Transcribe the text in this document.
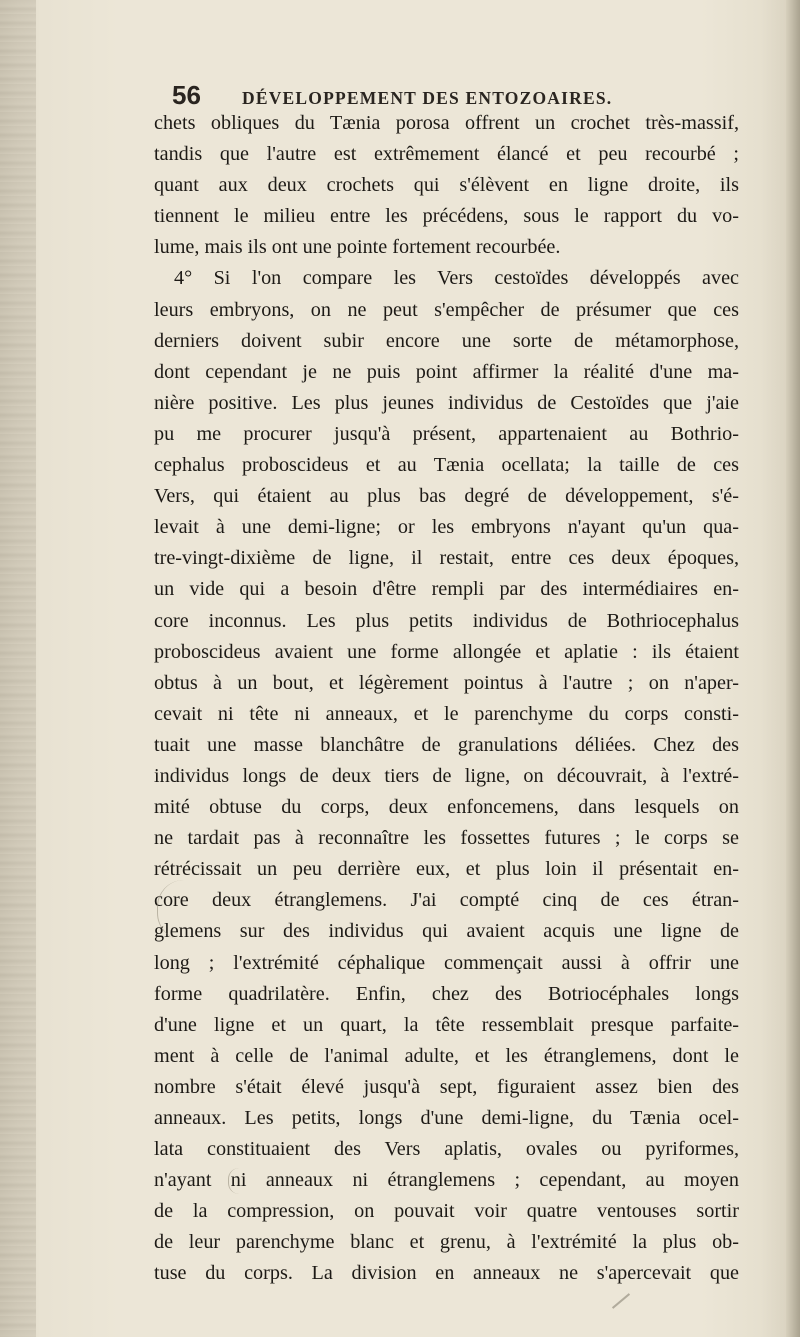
56	DÉVELOPPEMENT DES ENTOZOAIRES.
chets obliques du Tænia porosa offrent un crochet très-massif,
tandis que l'autre est extrêmement élancé et peu recourbé ;
quant aux deux crochets qui s'élèvent en ligne droite, ils
tiennent le milieu entre les précédens, sous le rapport du vo-
lume, mais ils ont une pointe fortement recourbée.
4° Si l'on compare les Vers cestoïdes développés avec
leurs embryons, on ne peut s'empêcher de présumer que ces
derniers doivent subir encore une sorte de métamorphose,
dont cependant je ne puis point affirmer la réalité d'une ma-
nière positive. Les plus jeunes individus de Cestoïdes que j'aie
pu me procurer jusqu'à présent, appartenaient au Bothrio-
cephalus proboscideus et au Tænia ocellata; la taille de ces
Vers, qui étaient au plus bas degré de développement, s'é-
levait à une demi-ligne; or les embryons n'ayant qu'un qua-
tre-vingt-dixième de ligne, il restait, entre ces deux époques,
un vide qui a besoin d'être rempli par des intermédiaires en-
core inconnus. Les plus petits individus de Bothriocephalus
proboscideus avaient une forme allongée et aplatie : ils étaient
obtus à un bout, et légèrement pointus à l'autre ; on n'aper-
cevait ni tête ni anneaux, et le parenchyme du corps consti-
tuait une masse blanchâtre de granulations déliées. Chez des
individus longs de deux tiers de ligne, on découvrait, à l'extré-
mité obtuse du corps, deux enfoncemens, dans lesquels on
ne tardait pas à reconnaître les fossettes futures ; le corps se
rétrécissait un peu derrière eux, et plus loin il présentait en-
core deux étranglemens. J'ai compté cinq de ces étran-
glemens sur des individus qui avaient acquis une ligne de
long ; l'extrémité céphalique commençait aussi à offrir une
forme quadrilatère. Enfin, chez des Botriocéphales longs
d'une ligne et un quart, la tête ressemblait presque parfaite-
ment à celle de l'animal adulte, et les étranglemens, dont le
nombre s'était élevé jusqu'à sept, figuraient assez bien des
anneaux. Les petits, longs d'une demi-ligne, du Tænia ocel-
lata constituaient des Vers aplatis, ovales ou pyriformes,
n'ayant ni anneaux ni étranglemens ; cependant, au moyen
de la compression, on pouvait voir quatre ventouses sortir
de leur parenchyme blanc et grenu, à l'extrémité la plus ob-
tuse du corps. La division en anneaux ne s'apercevait que
